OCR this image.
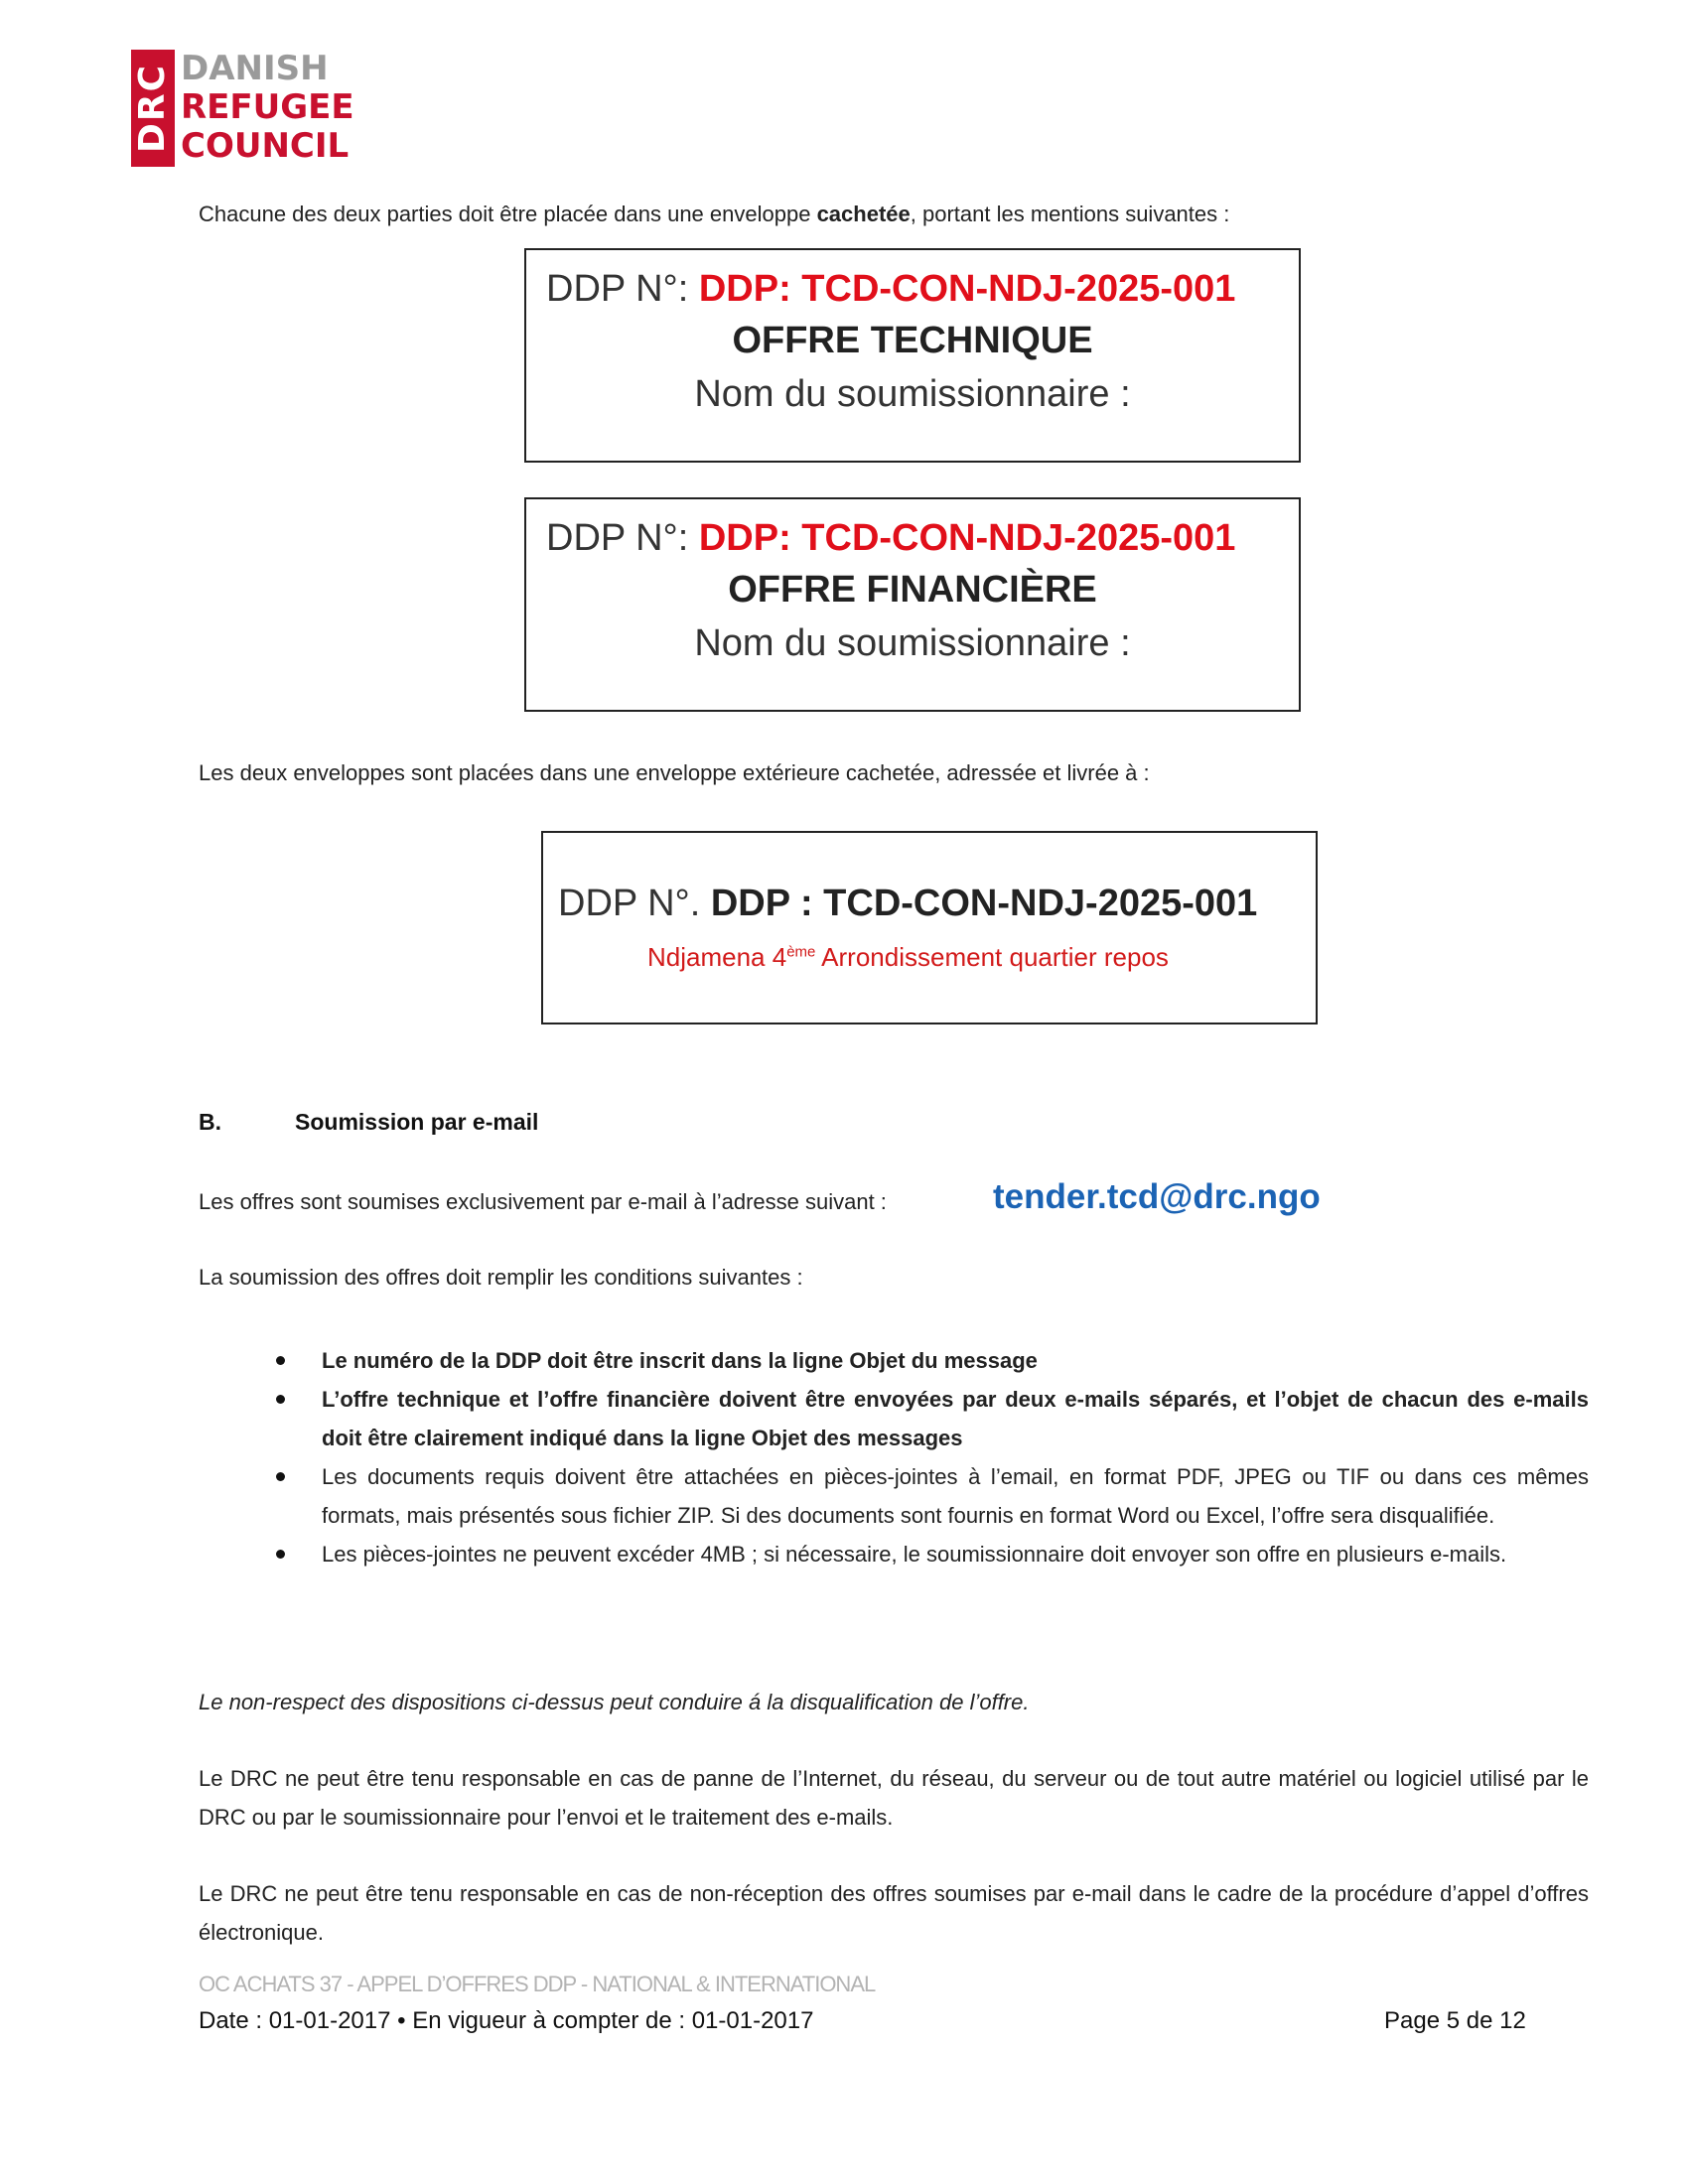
DRC DANISH
REFUGEE
COUNCIL
Chacune des deux parties doit être placée dans une enveloppe cachetée, portant les mentions suivantes :
DDP N°: DDP: TCD-CON-NDJ-2025-001
OFFRE TECHNIQUE
Nom du soumissionnaire :
DDP N°: DDP: TCD-CON-NDJ-2025-001
OFFRE FINANCIÈRE
Nom du soumissionnaire :
Les deux enveloppes sont placées dans une enveloppe extérieure cachetée, adressée et livrée à :
DDP N°. DDP : TCD-CON-NDJ-2025-001
Ndjamena 4ème Arrondissement quartier repos
B.	Soumission par e-mail
Les offres sont soumises exclusivement par e-mail à l’adresse suivant :	tender.tcd@drc.ngo
La soumission des offres doit remplir les conditions suivantes :
Le numéro de la DDP doit être inscrit dans la ligne Objet du message
L’offre technique et l’offre financière doivent être envoyées par deux e-mails séparés, et l’objet de chacun des e-mails doit être clairement indiqué dans la ligne Objet des messages
Les documents requis doivent être attachées en pièces-jointes à l’email, en format PDF, JPEG ou TIF ou dans ces mêmes formats, mais présentés sous fichier ZIP. Si des documents sont fournis en format Word ou Excel, l’offre sera disqualifiée.
Les pièces-jointes ne peuvent excéder 4MB ; si nécessaire, le soumissionnaire doit envoyer son offre en plusieurs e-mails.
Le non-respect des dispositions ci-dessus peut conduire á la disqualification de l’offre.
Le DRC ne peut être tenu responsable en cas de panne de l’Internet, du réseau, du serveur ou de tout autre matériel ou logiciel utilisé par le DRC ou par le soumissionnaire pour l’envoi et le traitement des e-mails.
Le DRC ne peut être tenu responsable en cas de non-réception des offres soumises par e-mail dans le cadre de la procédure d’appel d’offres électronique.
OC ACHATS 37 - APPEL D’OFFRES DDP - NATIONAL & INTERNATIONAL
Date : 01-01-2017 • En vigueur à compter de : 01-01-2017	Page 5 de 12
